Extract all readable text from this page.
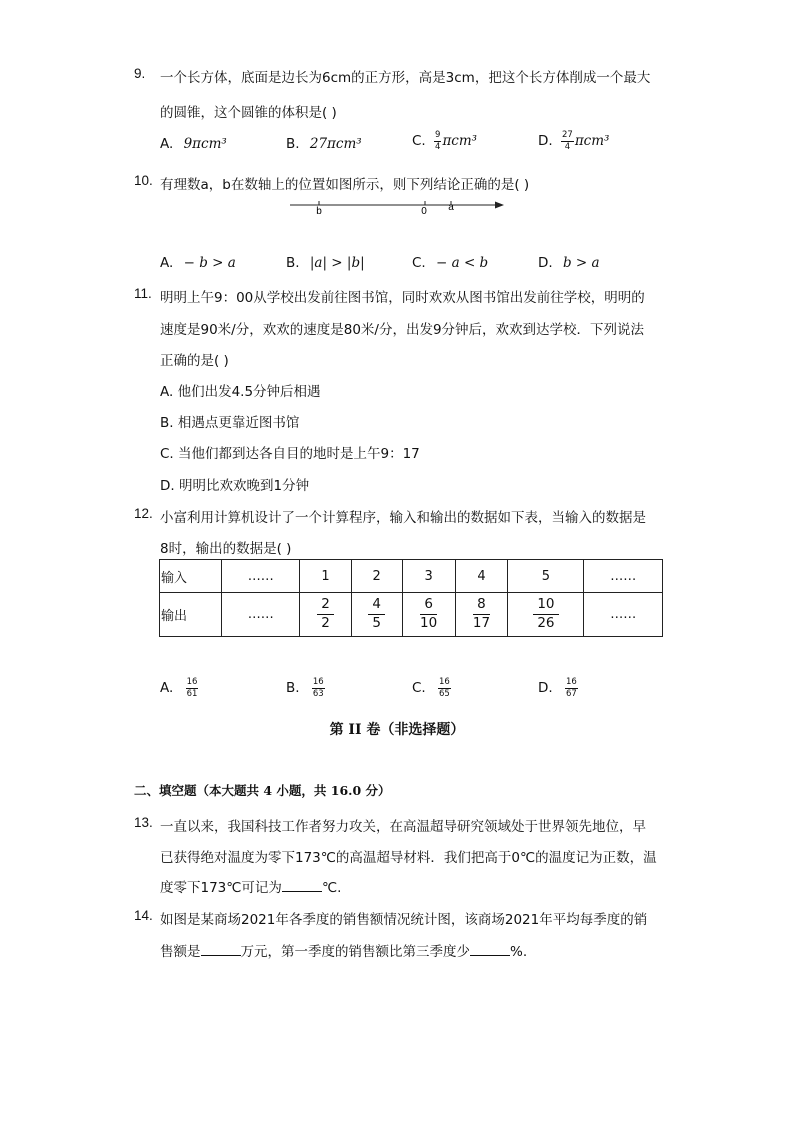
9. 一个长方体，底面是边长为6cm的正方形，高是3cm，把这个长方体削成一个最大
的圆锥，这个圆锥的体积是( )
A. 9πcm³	B. 27πcm³	C. $\frac{9}{4} \pi cm^3$	D. $\frac{27}{4} \pi cm^3$
10. 有理数a，b在数轴上的位置如图所示，则下列结论正确的是( )
b	0 a
A. − b > a	B. |a| > |b|	C. − a < b	D. b > a
11. 明明上午9：00从学校出发前往图书馆，同时欢欢从图书馆出发前往学校，明明的
速度是90米/分，欢欢的速度是80米/分，出发9分钟后，欢欢到达学校．下列说法
正确的是( )
A. 他们出发4.5分钟后相遇
B. 相遇点更靠近图书馆
C. 当他们都到达各自目的地时是上午9：17
D. 明明比欢欢晚到1分钟
12. 小富利用计算机设计了一个计算程序，输入和输出的数据如下表，当输入的数据是
8时，输出的数据是( )
输入	……	1	2	3	4	5	……
输出	……	$\frac{2}{2}$	$\frac{4}{5}$	$\frac{6}{10}$	$\frac{8}{17}$	$\frac{10}{26}$	……
A. $\frac{16}{61}$	B. $\frac{16}{63}$	C. $\frac{16}{65}$	D. $\frac{16}{67}$
第 II 卷（非选择题）
二、填空题（本大题共 4 小题，共 16.0 分）
13. 一直以来，我国科技工作者努力攻关，在高温超导研究领域处于世界领先地位，早
已获得绝对温度为零下173℃的高温超导材料．我们把高于0℃的温度记为正数，温
度零下173℃可记为	℃.
14. 如图是某商场2021年各季度的销售额情况统计图，该商场2021年平均每季度的销
售额是	万元，第一季度的销售额比第三季度少	%.
